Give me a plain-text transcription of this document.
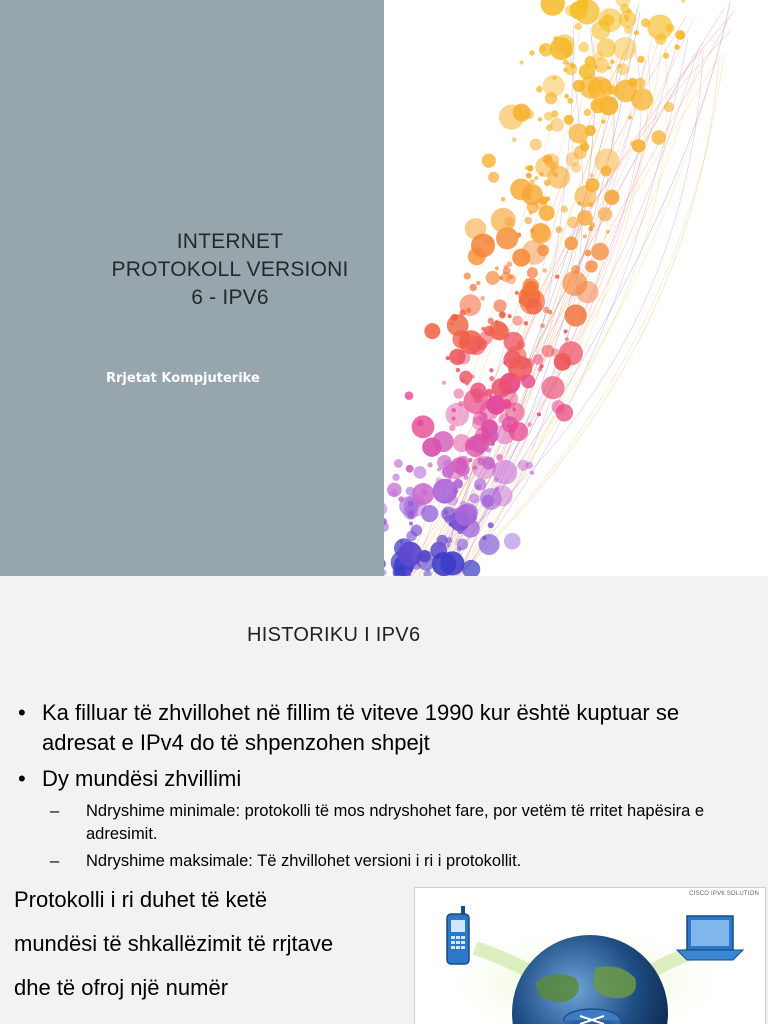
INTERNET
PROTOKOLL VERSIONI
6 - IPV6
Rrjetat Kompjuterike
HISTORIKU I IPV6
• Ka filluar të zhvillohet në fillim të viteve 1990 kur është kuptuar se adresat e IPv4 do të shpenzohen shpejt
• Dy mundësi zhvillimi
– Ndryshime minimale: protokolli të mos ndryshohet fare, por vetëm të rritet hapësira e adresimit.
– Ndryshime maksimale: Të zhvillohet versioni i ri i protokollit.
Protokolli i ri duhet të ketë
mundësi të shkallëzimit të rrjtave
dhe të ofroj një numër
CISCO IPV6 SOLUTION
